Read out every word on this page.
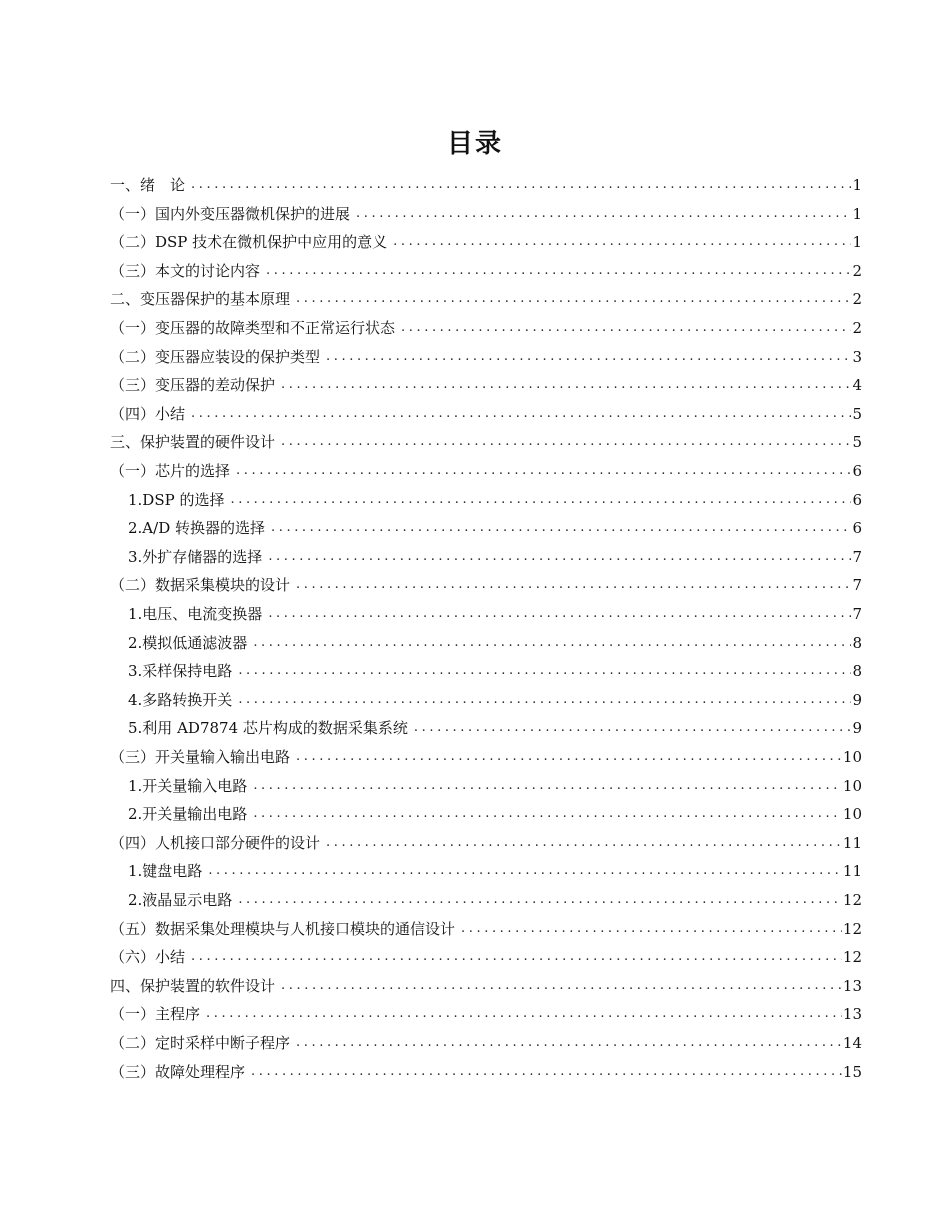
目录
一、绪　论 .....	1
（一）国内外变压器微机保护的进展 .....	1
（二）DSP 技术在微机保护中应用的意义 .....	1
（三）本文的讨论内容 .....	2
二、变压器保护的基本原理 .....	2
（一）变压器的故障类型和不正常运行状态 .....	2
（二）变压器应装设的保护类型 .....	3
（三）变压器的差动保护 .....	4
（四）小结 .....	5
三、保护装置的硬件设计 .....	5
（一）芯片的选择 .....	6
1.DSP 的选择 .....	6
2.A/D 转换器的选择 .....	6
3.外扩存储器的选择 .....	7
（二）数据采集模块的设计 .....	7
1.电压、电流变换器 .....	7
2.模拟低通滤波器 .....	8
3.采样保持电路 .....	8
4.多路转换开关 .....	9
5.利用 AD7874 芯片构成的数据采集系统 .....	9
（三）开关量输入输出电路 .....	10
1.开关量输入电路 .....	10
2.开关量输出电路 .....	10
（四）人机接口部分硬件的设计 .....	11
1.键盘电路 .....	11
2.液晶显示电路 .....	12
（五）数据采集处理模块与人机接口模块的通信设计 .....	12
（六）小结 .....	12
四、保护装置的软件设计 .....	13
（一）主程序 .....	13
（二）定时采样中断子程序 .....	14
（三）故障处理程序 .....	15
